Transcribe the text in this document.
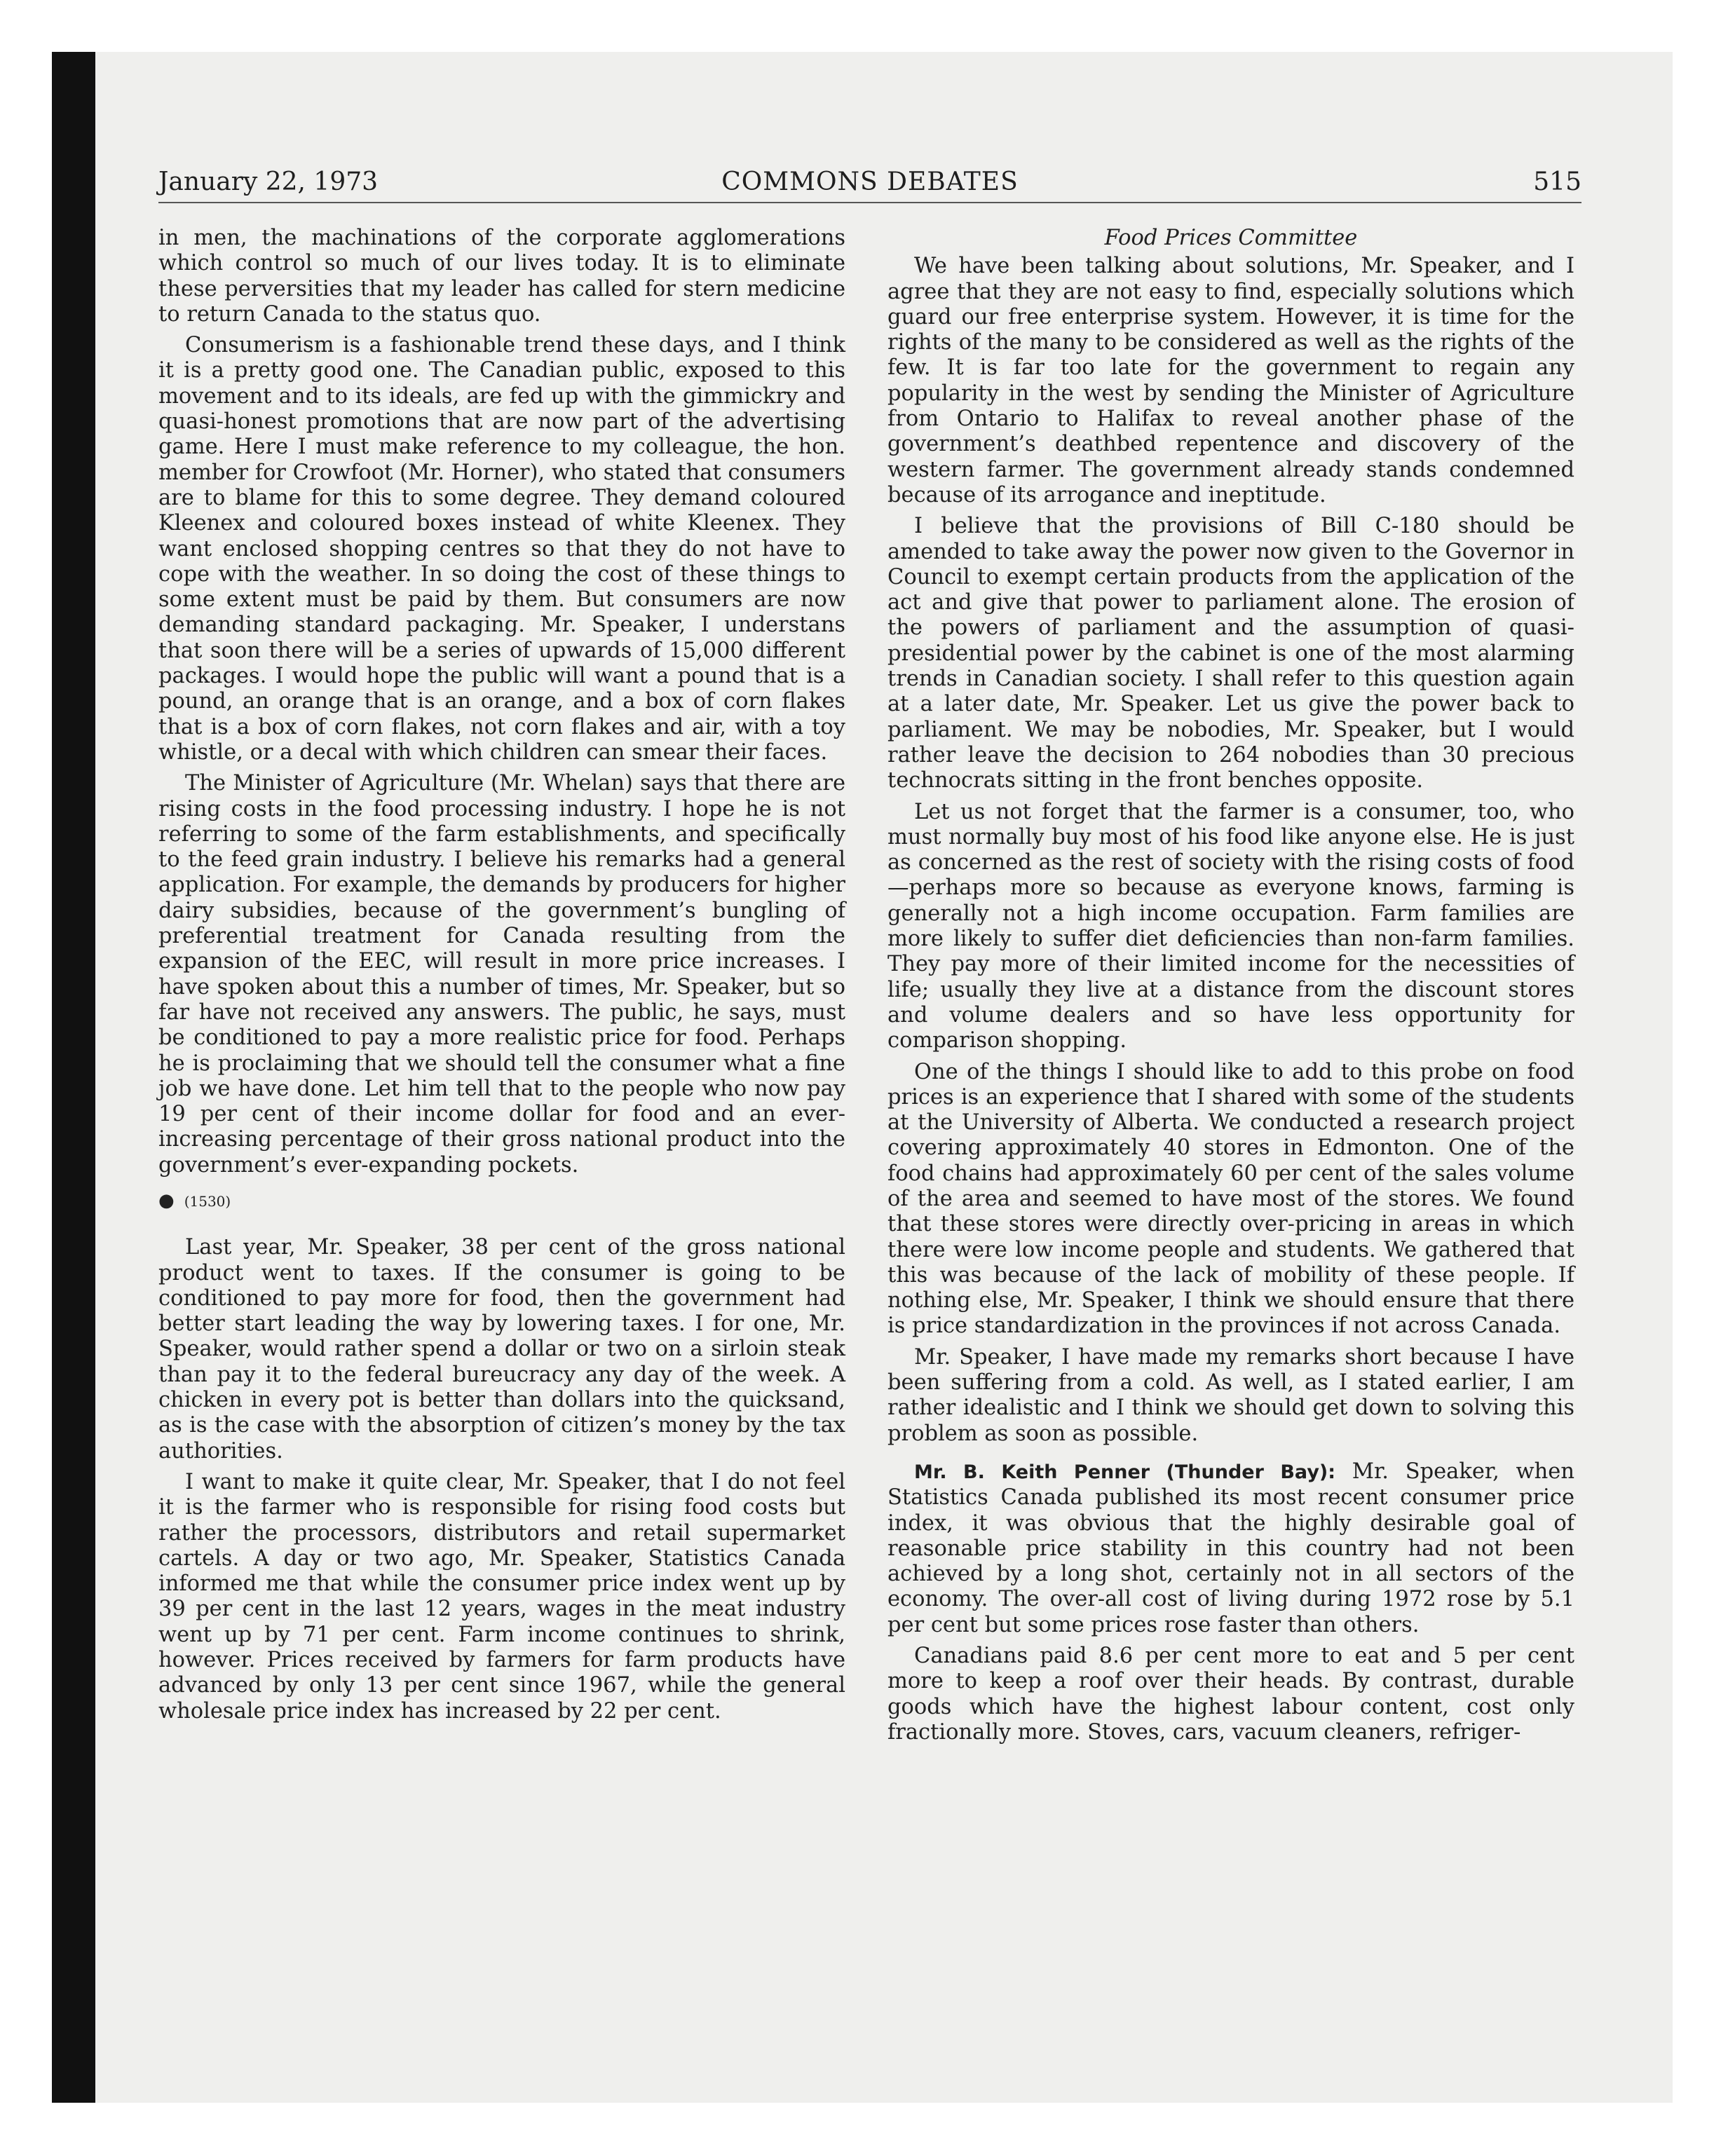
January 22, 1973	COMMONS DEBATES	515

in men, the machinations of the corporate agglomerations which control so much of our lives today. It is to eliminate these perversities that my leader has called for stern medicine to return Canada to the status quo.

Consumerism is a fashionable trend these days, and I think it is a pretty good one. The Canadian public, exposed to this movement and to its ideals, are fed up with the gimmickry and quasi-honest promotions that are now part of the advertising game. Here I must make reference to my colleague, the hon. member for Crowfoot (Mr. Horner), who stated that consumers are to blame for this to some degree. They demand coloured Kleenex and coloured boxes instead of white Kleenex. They want enclosed shopping centres so that they do not have to cope with the weather. In so doing the cost of these things to some extent must be paid by them. But consumers are now demanding standard packaging. Mr. Speaker, I understans that soon there will be a series of upwards of 15,000 different packages. I would hope the public will want a pound that is a pound, an orange that is an orange, and a box of corn flakes that is a box of corn flakes, not corn flakes and air, with a toy whistle, or a decal with which children can smear their faces.

The Minister of Agriculture (Mr. Whelan) says that there are rising costs in the food processing industry. I hope he is not referring to some of the farm establishments, and specifically to the feed grain industry. I believe his remarks had a general application. For example, the demands by producers for higher dairy subsidies, because of the government’s bungling of preferential treatment for Canada resulting from the expansion of the EEC, will result in more price increases. I have spoken about this a number of times, Mr. Speaker, but so far have not received any answers. The public, he says, must be conditioned to pay a more realistic price for food. Perhaps he is proclaiming that we should tell the consumer what a fine job we have done. Let him tell that to the people who now pay 19 per cent of their income dollar for food and an ever-increasing percentage of their gross national product into the government’s ever-expanding pockets.

● (1530)

Last year, Mr. Speaker, 38 per cent of the gross national product went to taxes. If the consumer is going to be conditioned to pay more for food, then the government had better start leading the way by lowering taxes. I for one, Mr. Speaker, would rather spend a dollar or two on a sirloin steak than pay it to the federal bureucracy any day of the week. A chicken in every pot is better than dollars into the quicksand, as is the case with the absorption of citizen’s money by the tax authorities.

I want to make it quite clear, Mr. Speaker, that I do not feel it is the farmer who is responsible for rising food costs but rather the processors, distributors and retail supermarket cartels. A day or two ago, Mr. Speaker, Statistics Canada informed me that while the consumer price index went up by 39 per cent in the last 12 years, wages in the meat industry went up by 71 per cent. Farm income continues to shrink, however. Prices received by farmers for farm products have advanced by only 13 per cent since 1967, while the general wholesale price index has increased by 22 per cent.

Food Prices Committee

We have been talking about solutions, Mr. Speaker, and I agree that they are not easy to find, especially solutions which guard our free enterprise system. However, it is time for the rights of the many to be considered as well as the rights of the few. It is far too late for the government to regain any popularity in the west by sending the Minister of Agriculture from Ontario to Halifax to reveal another phase of the government’s deathbed repentence and discovery of the western farmer. The government already stands condemned because of its arrogance and ineptitude.

I believe that the provisions of Bill C-180 should be amended to take away the power now given to the Governor in Council to exempt certain products from the application of the act and give that power to parliament alone. The erosion of the powers of parliament and the assumption of quasi-presidential power by the cabinet is one of the most alarming trends in Canadian society. I shall refer to this question again at a later date, Mr. Speaker. Let us give the power back to parliament. We may be nobodies, Mr. Speaker, but I would rather leave the decision to 264 nobodies than 30 precious technocrats sitting in the front benches opposite.

Let us not forget that the farmer is a consumer, too, who must normally buy most of his food like anyone else. He is just as concerned as the rest of society with the rising costs of food—perhaps more so because as everyone knows, farming is generally not a high income occupation. Farm families are more likely to suffer diet deficiencies than non-farm families. They pay more of their limited income for the necessities of life; usually they live at a distance from the discount stores and volume dealers and so have less opportunity for comparison shopping.

One of the things I should like to add to this probe on food prices is an experience that I shared with some of the students at the University of Alberta. We conducted a research project covering approximately 40 stores in Edmonton. One of the food chains had approximately 60 per cent of the sales volume of the area and seemed to have most of the stores. We found that these stores were directly over-pricing in areas in which there were low income people and students. We gathered that this was because of the lack of mobility of these people. If nothing else, Mr. Speaker, I think we should ensure that there is price standardization in the provinces if not across Canada.

Mr. Speaker, I have made my remarks short because I have been suffering from a cold. As well, as I stated earlier, I am rather idealistic and I think we should get down to solving this problem as soon as possible.

Mr. B. Keith Penner (Thunder Bay): Mr. Speaker, when Statistics Canada published its most recent consumer price index, it was obvious that the highly desirable goal of reasonable price stability in this country had not been achieved by a long shot, certainly not in all sectors of the economy. The over-all cost of living during 1972 rose by 5.1 per cent but some prices rose faster than others.

Canadians paid 8.6 per cent more to eat and 5 per cent more to keep a roof over their heads. By contrast, durable goods which have the highest labour content, cost only fractionally more. Stoves, cars, vacuum cleaners, refriger-
